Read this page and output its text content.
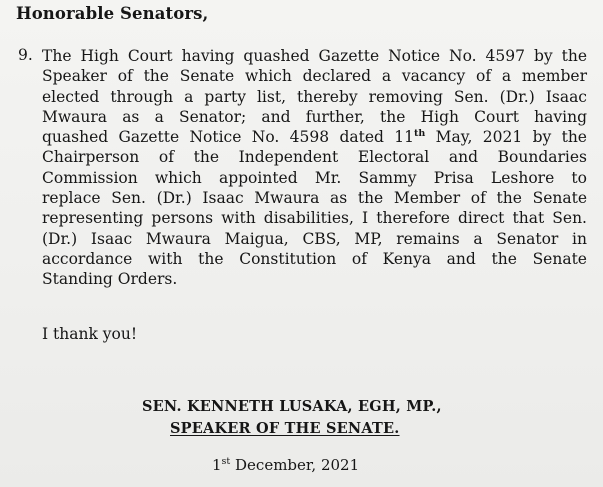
Honorable Senators,
9. The High Court having quashed Gazette Notice No. 4597 by the
Speaker of the Senate which declared a vacancy of a member
elected through a party list, thereby removing Sen. (Dr.) Isaac
Mwaura as a Senator; and further, the High Court having
quashed Gazette Notice No. 4598 dated 11th May, 2021 by the
Chairperson of the Independent Electoral and Boundaries
Commission which appointed Mr. Sammy Prisa Leshore to
replace Sen. (Dr.) Isaac Mwaura as the Member of the Senate
representing persons with disabilities, I therefore direct that Sen.
(Dr.) Isaac Mwaura Maigua, CBS, MP, remains a Senator in
accordance with the Constitution of Kenya and the Senate
Standing Orders.
I thank you!
SEN. KENNETH LUSAKA, EGH, MP.,
SPEAKER OF THE SENATE.
1st December, 2021
